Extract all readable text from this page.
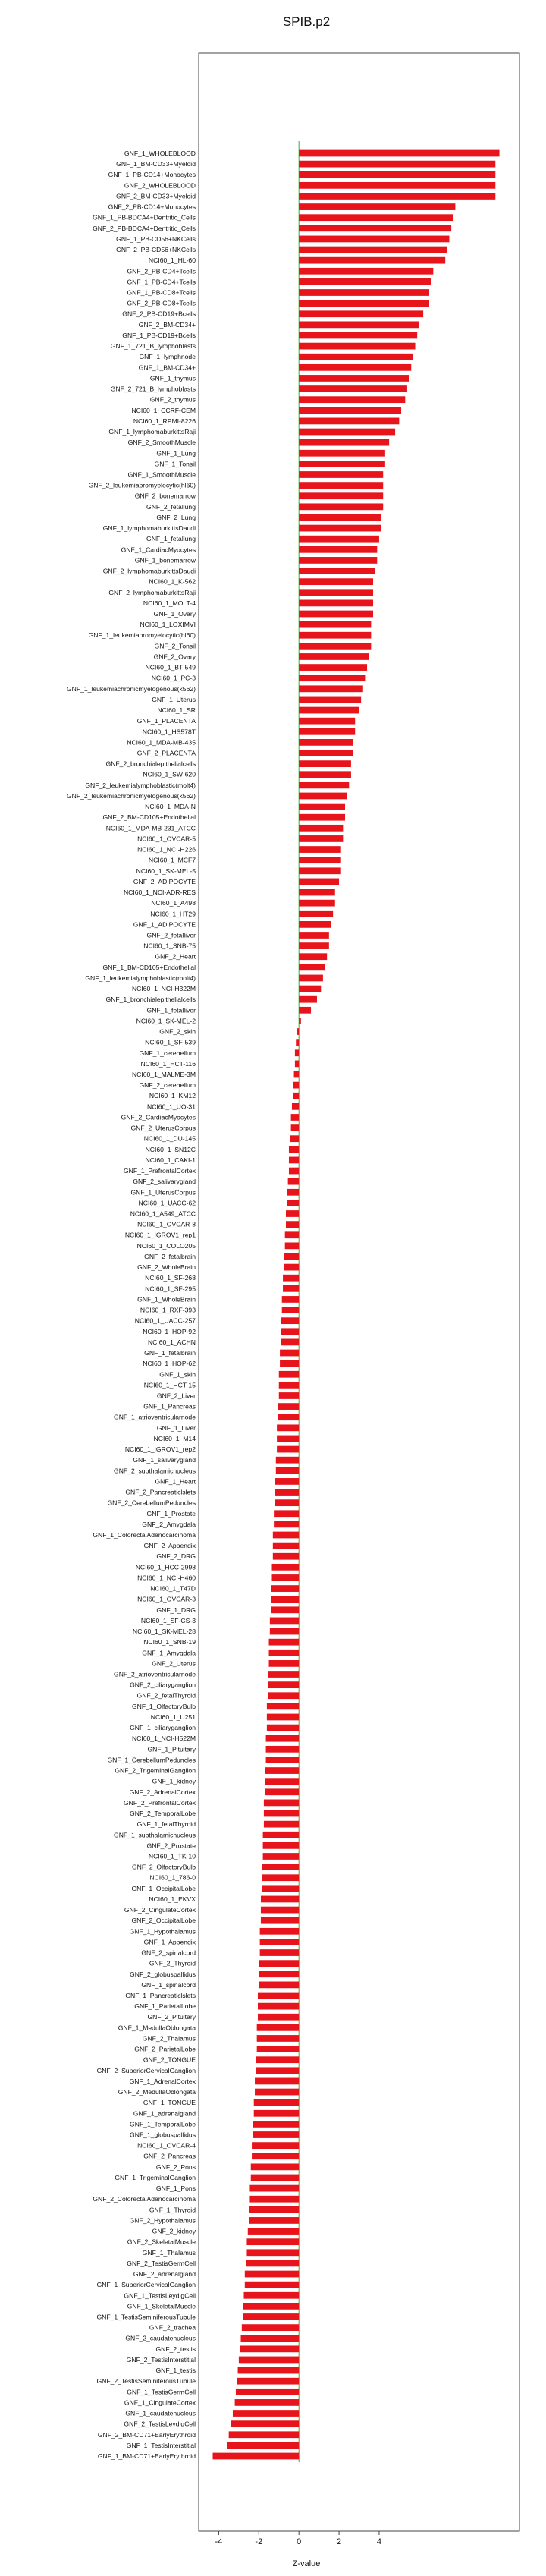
SPIB.p2
GNF_1_WHOLEBLOOD
GNF_1_BM-CD33+Myeloid
GNF_1_PB-CD14+Monocytes
GNF_2_WHOLEBLOOD
GNF_2_BM-CD33+Myeloid
GNF_2_PB-CD14+Monocytes
GNF_1_PB-BDCA4+Dentritic_Cells
GNF_2_PB-BDCA4+Dentritic_Cells
GNF_1_PB-CD56+NKCells
GNF_2_PB-CD56+NKCells
NCI60_1_HL-60
GNF_2_PB-CD4+Tcells
GNF_1_PB-CD4+Tcells
GNF_1_PB-CD8+Tcells
GNF_2_PB-CD8+Tcells
GNF_2_PB-CD19+Bcells
GNF_2_BM-CD34+
GNF_1_PB-CD19+Bcells
GNF_1_721_B_lymphoblasts
GNF_1_lymphnode
GNF_1_BM-CD34+
GNF_1_thymus
GNF_2_721_B_lymphoblasts
GNF_2_thymus
NCI60_1_CCRF-CEM
NCI60_1_RPMI-8226
GNF_1_lymphomaburkittsRaji
GNF_2_SmoothMuscle
GNF_1_Lung
GNF_1_Tonsil
GNF_1_SmoothMuscle
GNF_2_leukemiapromyelocytic(hl60)
GNF_2_bonemarrow
GNF_2_fetallung
GNF_2_Lung
GNF_1_lymphomaburkittsDaudi
GNF_1_fetallung
GNF_1_CardiacMyocytes
GNF_1_bonemarrow
GNF_2_lymphomaburkittsDaudi
NCI60_1_K-562
GNF_2_lymphomaburkittsRaji
NCI60_1_MOLT-4
GNF_1_Ovary
NCI60_1_LOXIMVI
GNF_1_leukemiapromyelocytic(hl60)
GNF_2_Tonsil
GNF_2_Ovary
NCI60_1_BT-549
NCI60_1_PC-3
GNF_1_leukemiachronicmyelogenous(k562)
GNF_1_Uterus
NCI60_1_SR
GNF_1_PLACENTA
NCI60_1_HS578T
NCI60_1_MDA-MB-435
GNF_2_PLACENTA
GNF_2_bronchialepithelialcells
NCI60_1_SW-620
GNF_2_leukemialymphoblastic(molt4)
GNF_2_leukemiachronicmyelogenous(k562)
NCI60_1_MDA-N
GNF_2_BM-CD105+Endothelial
NCI60_1_MDA-MB-231_ATCC
NCI60_1_OVCAR-5
NCI60_1_NCI-H226
NCI60_1_MCF7
NCI60_1_SK-MEL-5
GNF_2_ADIPOCYTE
NCI60_1_NCI-ADR-RES
NCI60_1_A498
NCI60_1_HT29
GNF_1_ADIPOCYTE
GNF_2_fetalliver
NCI60_1_SNB-75
GNF_2_Heart
GNF_1_BM-CD105+Endothelial
GNF_1_leukemialymphoblastic(molt4)
NCI60_1_NCI-H322M
GNF_1_bronchialepithelialcells
GNF_1_fetalliver
NCI60_1_SK-MEL-2
GNF_2_skin
NCI60_1_SF-539
GNF_1_cerebellum
NCI60_1_HCT-116
NCI60_1_MALME-3M
GNF_2_cerebellum
NCI60_1_KM12
NCI60_1_UO-31
GNF_2_CardiacMyocytes
GNF_2_UterusCorpus
NCI60_1_DU-145
NCI60_1_SN12C
NCI60_1_CAKI-1
GNF_1_PrefrontalCortex
GNF_2_salivarygland
GNF_1_UterusCorpus
NCI60_1_UACC-62
NCI60_1_A549_ATCC
NCI60_1_OVCAR-8
NCI60_1_IGROV1_rep1
NCI60_1_COLO205
GNF_2_fetalbrain
GNF_2_WholeBrain
NCI60_1_SF-268
NCI60_1_SF-295
GNF_1_WholeBrain
NCI60_1_RXF-393
NCI60_1_UACC-257
NCI60_1_HOP-92
NCI60_1_ACHN
GNF_1_fetalbrain
NCI60_1_HOP-62
GNF_1_skin
NCI60_1_HCT-15
GNF_2_Liver
GNF_1_Pancreas
GNF_1_atrioventricularnode
GNF_1_Liver
NCI60_1_M14
NCI60_1_IGROV1_rep2
GNF_1_salivarygland
GNF_2_subthalamicnucleus
GNF_1_Heart
GNF_2_Pancreaticlslets
GNF_2_CerebellumPeduncles
GNF_1_Prostate
GNF_2_Amygdala
GNF_1_ColorectalAdenocarcinoma
GNF_2_Appendix
GNF_2_DRG
NCI60_1_HCC-2998
NCI60_1_NCI-H460
NCI60_1_T47D
NCI60_1_OVCAR-3
GNF_1_DRG
NCI60_1_SF-CS-3
NCI60_1_SK-MEL-28
NCI60_1_SNB-19
GNF_1_Amygdala
GNF_2_Uterus
GNF_2_atrioventricularnode
GNF_2_ciliaryganglion
GNF_2_fetalThyroid
GNF_1_OlfactoryBulb
NCI60_1_U251
GNF_1_ciliaryganglion
NCI60_1_NCI-H522M
GNF_1_Pituitary
GNF_1_CerebellumPeduncles
GNF_2_TrigeminalGanglion
GNF_1_kidney
GNF_2_AdrenalCortex
GNF_2_PrefrontalCortex
GNF_2_TemporalLobe
GNF_1_fetalThyroid
GNF_1_subthalamicnucleus
GNF_2_Prostate
NCI60_1_TK-10
GNF_2_OlfactoryBulb
NCI60_1_786-0
GNF_1_OccipitalLobe
NCI60_1_EKVX
GNF_2_CingulateCortex
GNF_2_OccipitalLobe
GNF_1_Hypothalamus
GNF_1_Appendix
GNF_2_spinalcord
GNF_2_Thyroid
GNF_2_globuspallidus
GNF_1_spinalcord
GNF_1_Pancreaticlslets
GNF_1_ParietalLobe
GNF_2_Pituitary
GNF_1_MedullaOblongata
GNF_2_Thalamus
GNF_2_ParietalLobe
GNF_2_TONGUE
GNF_2_SuperiorCervicalGanglion
GNF_1_AdrenalCortex
GNF_2_MedullaOblongata
GNF_1_TONGUE
GNF_1_adrenalgland
GNF_1_TemporalLobe
GNF_1_globuspallidus
NCI60_1_OVCAR-4
GNF_2_Pancreas
GNF_2_Pons
GNF_1_TrigeminalGanglion
GNF_1_Pons
GNF_2_ColorectalAdenocarcinoma
GNF_1_Thyroid
GNF_2_Hypothalamus
GNF_2_kidney
GNF_2_SkeletalMuscle
GNF_1_Thalamus
GNF_2_TestisGermCell
GNF_2_adrenalgland
GNF_1_SuperiorCervicalGanglion
GNF_1_TestisLeydigCell
GNF_1_SkeletalMuscle
GNF_1_TestisSeminiferousTubule
GNF_2_trachea
GNF_2_caudatenucleus
GNF_2_testis
GNF_2_TestisInterstitial
GNF_1_testis
GNF_2_TestisSeminiferousTubule
GNF_1_TestisGermCell
GNF_1_CingulateCortex
GNF_1_caudatenucleus
GNF_2_TestisLeydigCell
GNF_2_BM-CD71+EarlyErythroid
GNF_1_TestisInterstitial
GNF_1_BM-CD71+EarlyErythroid
-4	-2	0	2	4
Z-value
